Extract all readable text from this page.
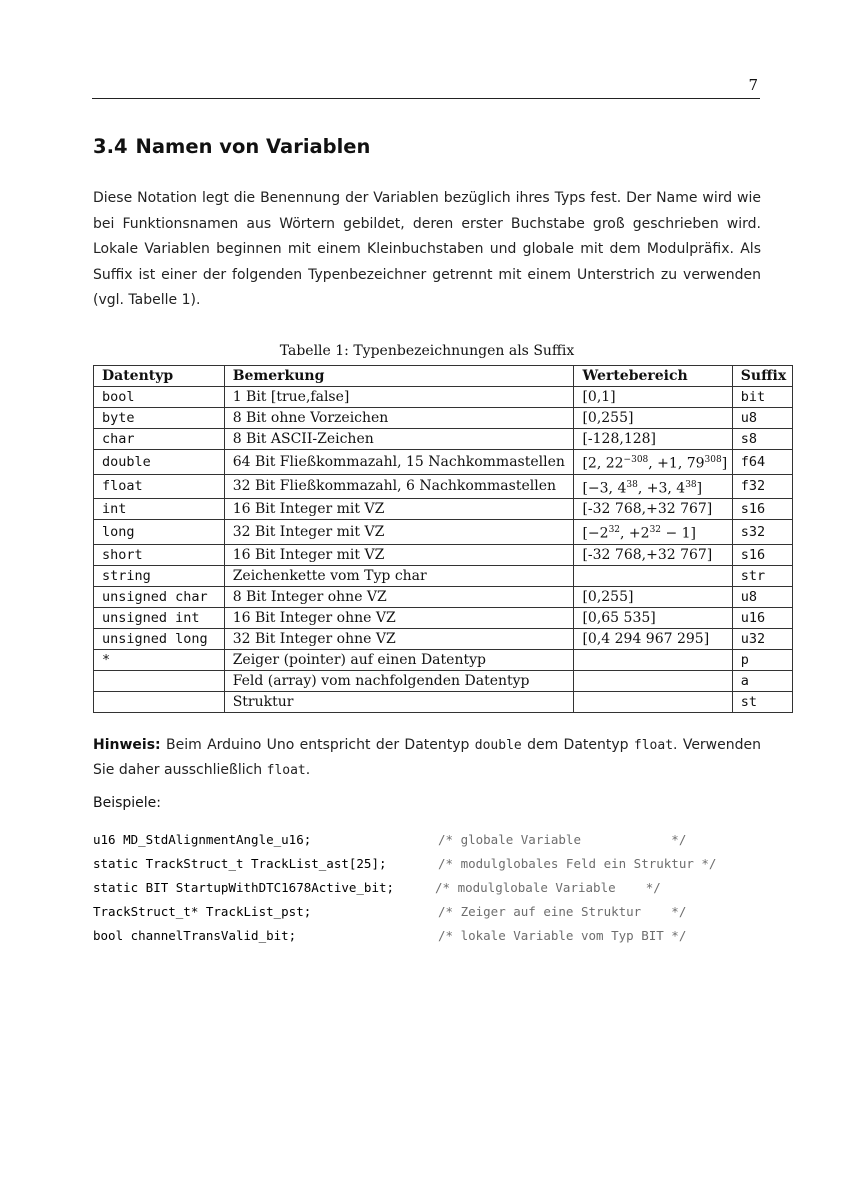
7
3.4 Namen von Variablen

Diese Notation legt die Benennung der Variablen bezüglich ihres Typs fest. Der Name wird wie bei Funktionsnamen aus Wörtern gebildet, deren erster Buchstabe groß geschrieben wird. Lokale Variablen beginnen mit einem Kleinbuchstaben und globale mit dem Modulpräfix. Als Suffix ist einer der folgenden Typenbezeichner getrennt mit einem Unterstrich zu verwenden (vgl. Tabelle 1).

Tabelle 1: Typenbezeichnungen als Suffix
Datentyp	Bemerkung	Wertebereich	Suffix
bool	1 Bit [true,false]	[0,1]	bit
byte	8 Bit ohne Vorzeichen	[0,255]	u8
char	8 Bit ASCII-Zeichen	[-128,128]	s8
double	64 Bit Fließkommazahl, 15 Nachkommastellen	[2, $22^{-308}$, +1, $79^{308}$]	f64
float	32 Bit Fließkommazahl, 6 Nachkommastellen	[−3, $4^{38}$, +3, $4^{38}$]	f32
int	16 Bit Integer mit VZ	[-32 768,+32 767]	s16
long	32 Bit Integer mit VZ	[$-2^{32}$, $+2^{32} - 1$]	s32
short	16 Bit Integer mit VZ	[-32 768,+32 767]	s16
string	Zeichenkette vom Typ char		str
unsigned char	8 Bit Integer ohne VZ	[0,255]	u8
unsigned int	16 Bit Integer ohne VZ	[0,65 535]	u16
unsigned long	32 Bit Integer ohne VZ	[0,4 294 967 295]	u32
*	Zeiger (pointer) auf einen Datentyp		p
	Feld (array) vom nachfolgenden Datentyp		a
	Struktur		st

Hinweis: Beim Arduino Uno entspricht der Datentyp double dem Datentyp float. Verwenden Sie daher ausschließlich float.

Beispiele:

u16 MD_StdAlignmentAngle_u16;

	/* globale Variable            */

static TrackStruct_t TrackList_ast[25];

	/* modulglobales Feld ein Struktur */

static BIT StartupWithDTC1678Active_bit;

	/* modulglobale Variable    */

TrackStruct_t* TrackList_pst;

	/* Zeiger auf eine Struktur    */

bool channelTransValid_bit;

	/* lokale Variable vom Typ BIT */
